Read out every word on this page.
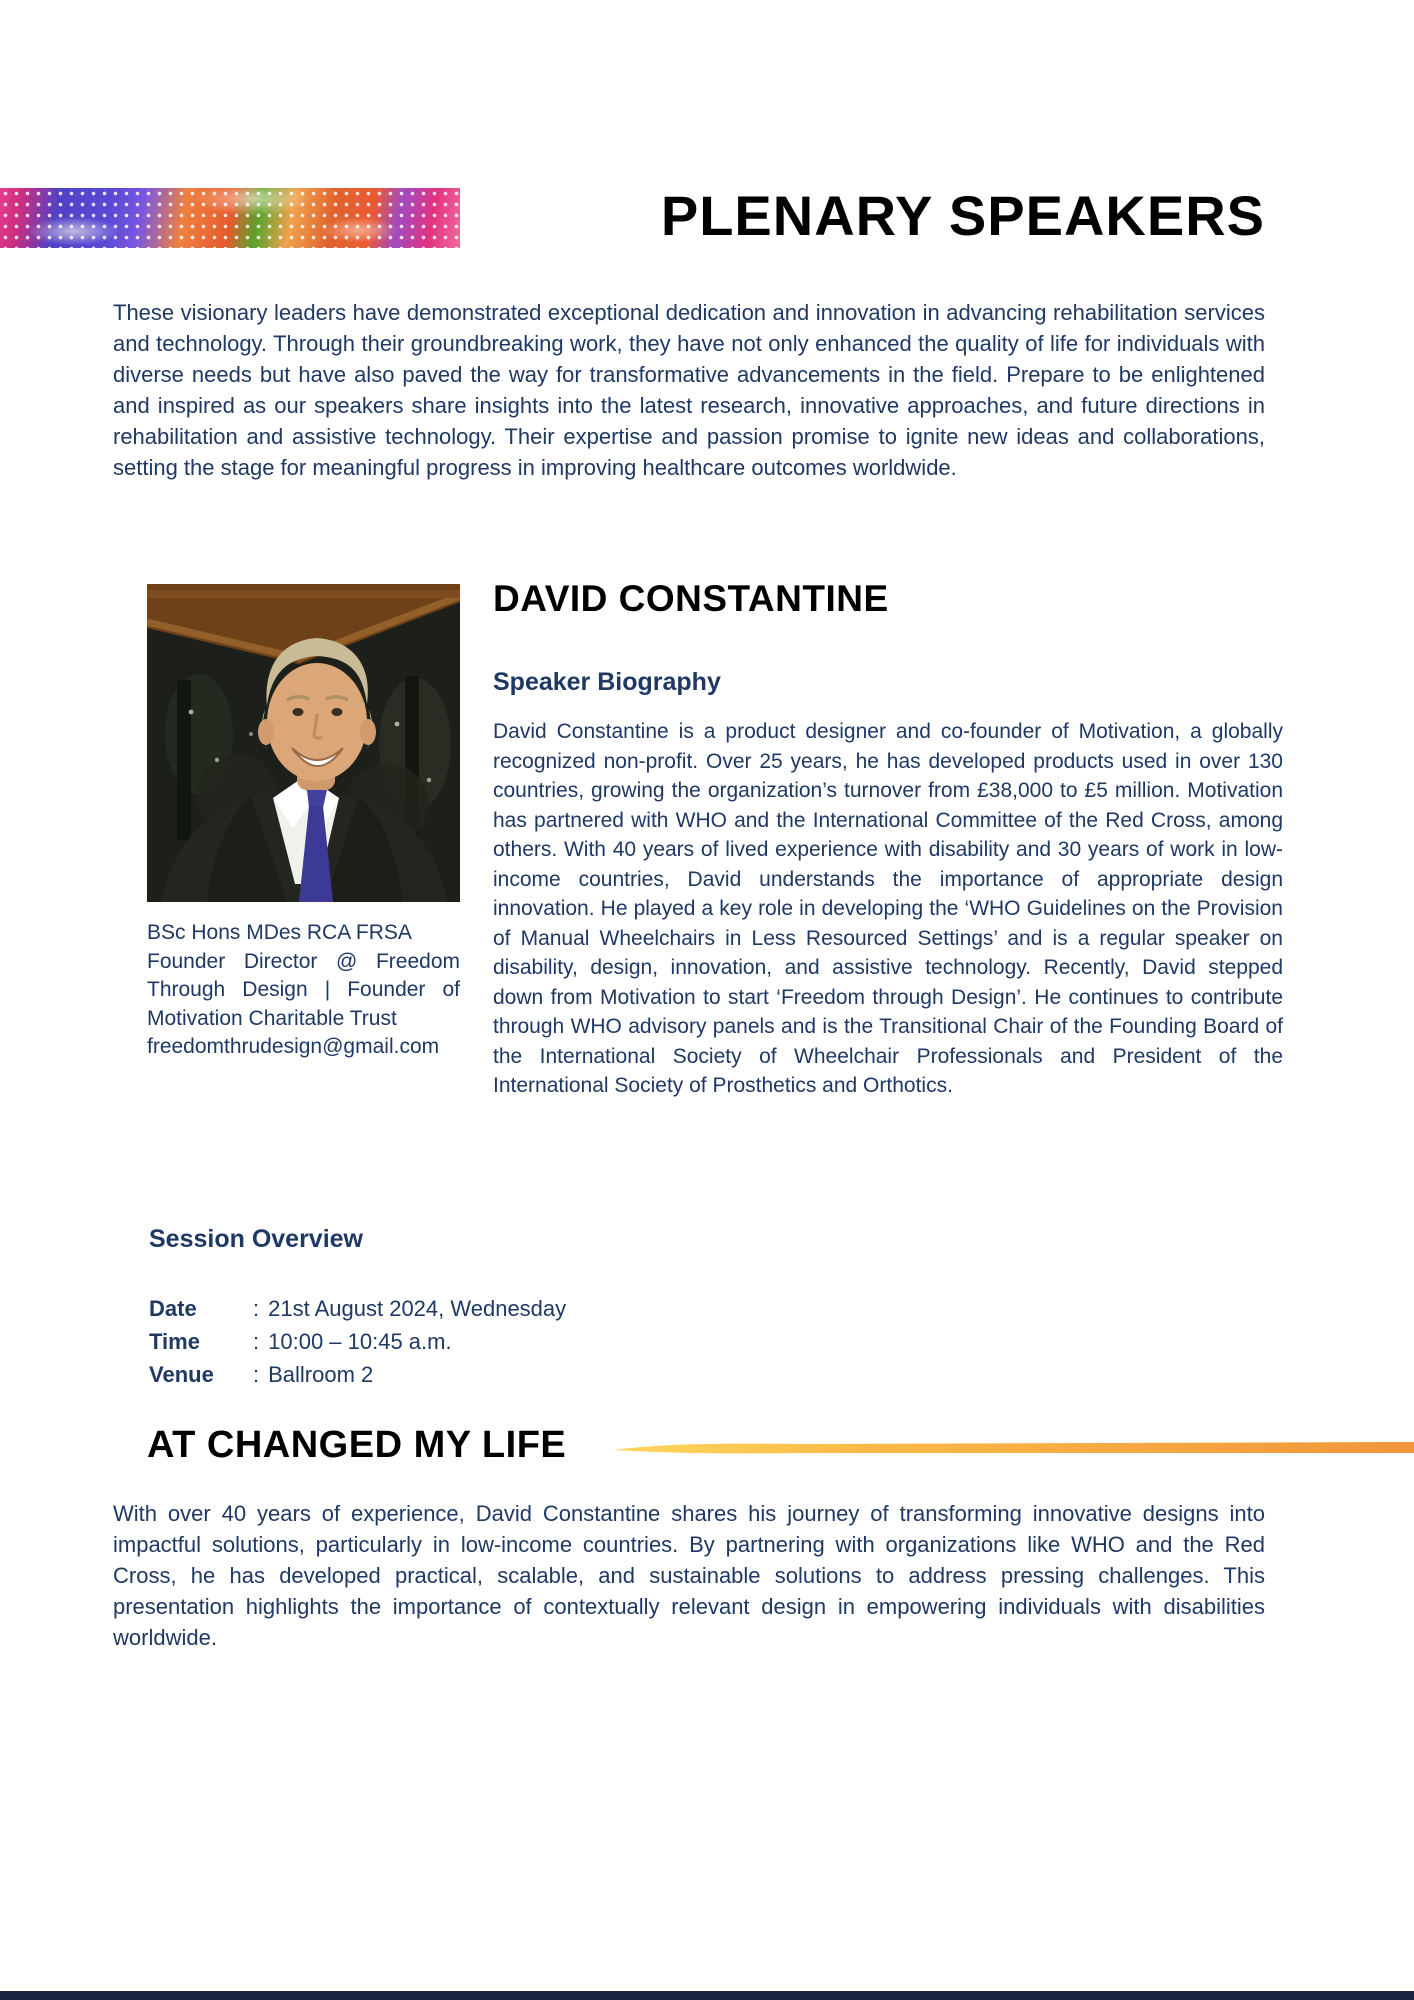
PLENARY SPEAKERS
These visionary leaders have demonstrated exceptional dedication and innovation in advancing rehabilitation services and technology. Through their groundbreaking work, they have not only enhanced the quality of life for individuals with diverse needs but have also paved the way for transformative advancements in the field. Prepare to be enlightened and inspired as our speakers share insights into the latest research, innovative approaches, and future directions in rehabilitation and assistive technology. Their expertise and passion promise to ignite new ideas and collaborations, setting the stage for meaningful progress in improving healthcare outcomes worldwide.
BSc Hons MDes RCA FRSA
Founder Director @ Freedom Through Design | Founder of Motivation Charitable Trust
freedomthrudesign@gmail.com
DAVID CONSTANTINE
Speaker Biography
David Constantine is a product designer and co-founder of Motivation, a globally recognized non-profit. Over 25 years, he has developed products used in over 130 countries, growing the organization’s turnover from £38,000 to £5 million. Motivation has partnered with WHO and the International Committee of the Red Cross, among others. With 40 years of lived experience with disability and 30 years of work in low-income countries, David understands the importance of appropriate design innovation. He played a key role in developing the ‘WHO Guidelines on the Provision of Manual Wheelchairs in Less Resourced Settings’ and is a regular speaker on disability, design, innovation, and assistive technology. Recently, David stepped down from Motivation to start ‘Freedom through Design’. He continues to contribute through WHO advisory panels and is the Transitional Chair of the Founding Board of the International Society of Wheelchair Professionals and President of the International Society of Prosthetics and Orthotics.
Session Overview
Date	: 21st August 2024, Wednesday
Time	: 10:00 – 10:45 a.m.
Venue	: Ballroom 2
AT CHANGED MY LIFE
With over 40 years of experience, David Constantine shares his journey of transforming innovative designs into impactful solutions, particularly in low-income countries. By partnering with organizations like WHO and the Red Cross, he has developed practical, scalable, and sustainable solutions to address pressing challenges. This presentation highlights the importance of contextually relevant design in empowering individuals with disabilities worldwide.
